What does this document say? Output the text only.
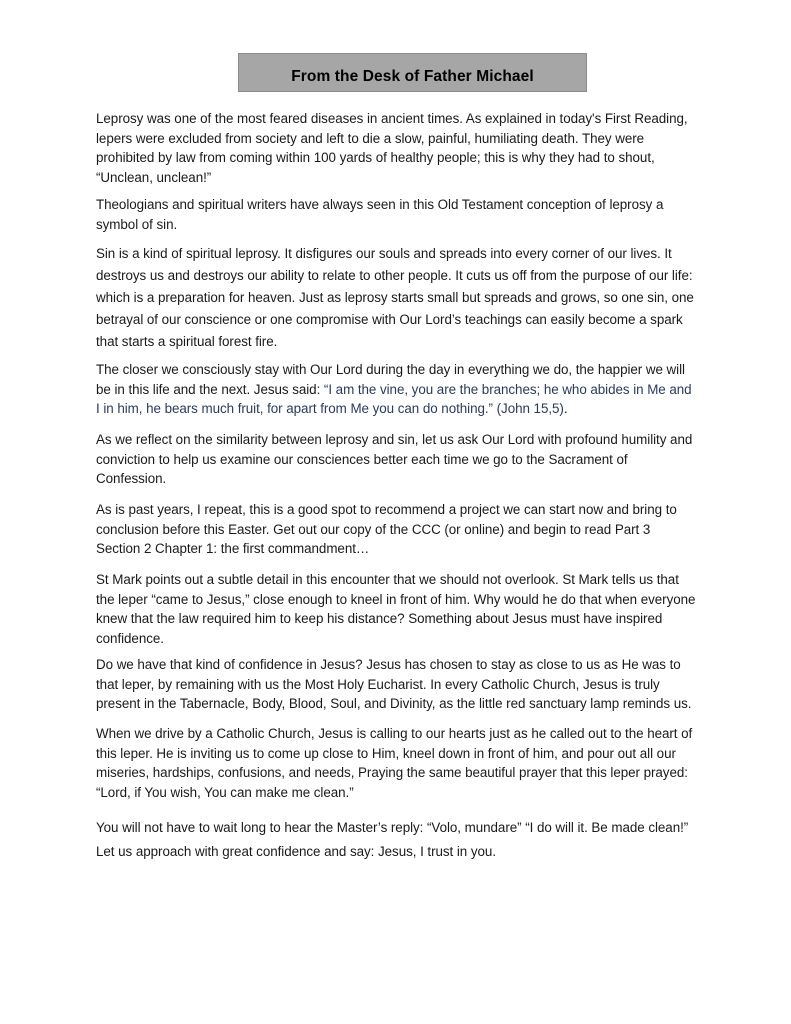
From the Desk of Father Michael

Leprosy was one of the most feared diseases in ancient times. As explained in today's First Reading, lepers were excluded from society and left to die a slow, painful, humiliating death. They were prohibited by law from coming within 100 yards of healthy people; this is why they had to shout, “Unclean, unclean!”

Theologians and spiritual writers have always seen in this Old Testament conception of leprosy a symbol of sin.

Sin is a kind of spiritual leprosy. It disfigures our souls and spreads into every corner of our lives. It destroys us and destroys our ability to relate to other people. It cuts us off from the purpose of our life: which is a preparation for heaven. Just as leprosy starts small but spreads and grows, so one sin, one betrayal of our conscience or one compromise with Our Lord’s teachings can easily become a spark that starts a spiritual forest fire.

The closer we consciously stay with Our Lord during the day in everything we do, the happier we will be in this life and the next. Jesus said: “I am the vine, you are the branches; he who abides in Me and I in him, he bears much fruit, for apart from Me you can do nothing.” (John 15,5).

As we reflect on the similarity between leprosy and sin, let us ask Our Lord with profound humility and conviction to help us examine our consciences better each time we go to the Sacrament of Confession.

As is past years, I repeat, this is a good spot to recommend a project we can start now and bring to conclusion before this Easter. Get out our copy of the CCC (or online) and begin to read Part 3 Section 2 Chapter 1: the first commandment…

St Mark points out a subtle detail in this encounter that we should not overlook. St Mark tells us that the leper “came to Jesus,” close enough to kneel in front of him. Why would he do that when everyone knew that the law required him to keep his distance? Something about Jesus must have inspired confidence.

Do we have that kind of confidence in Jesus? Jesus has chosen to stay as close to us as He was to that leper, by remaining with us the Most Holy Eucharist. In every Catholic Church, Jesus is truly present in the Tabernacle, Body, Blood, Soul, and Divinity, as the little red sanctuary lamp reminds us.

When we drive by a Catholic Church, Jesus is calling to our hearts just as he called out to the heart of this leper. He is inviting us to come up close to Him, kneel down in front of him, and pour out all our miseries, hardships, confusions, and needs, Praying the same beautiful prayer that this leper prayed: “Lord, if You wish, You can make me clean.”

You will not have to wait long to hear the Master’s reply: “Volo, mundare” “I do will it. Be made clean!” Let us approach with great confidence and say: Jesus, I trust in you.
